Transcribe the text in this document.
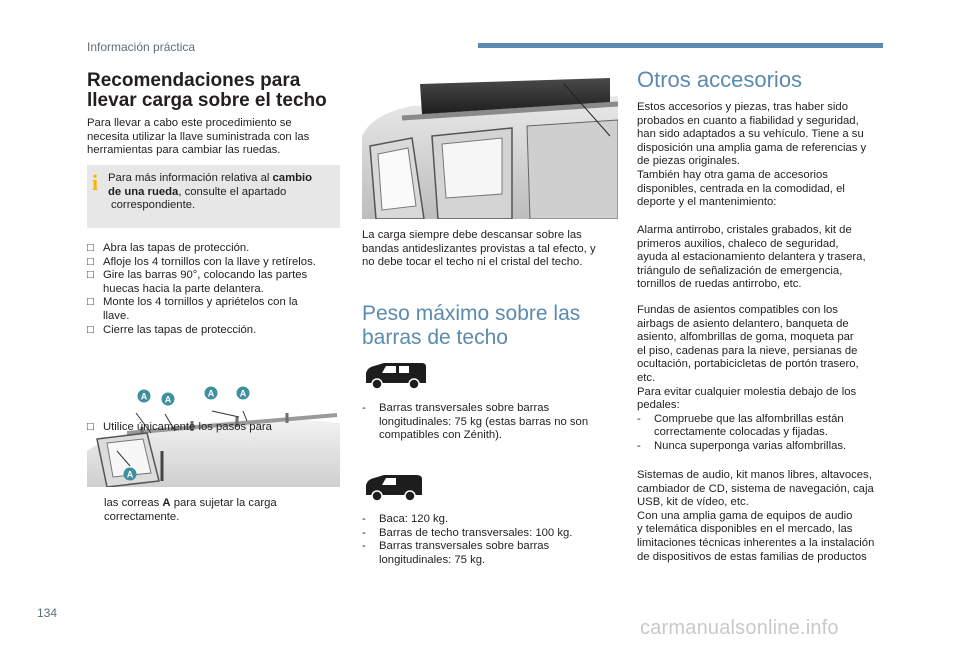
Información práctica
Recomendaciones para
llevar carga sobre el techo
Para llevar a cabo este procedimiento se
necesita utilizar la llave suministrada con las
herramientas para cambiar las ruedas.
i Para más información relativa al cambio
de una rueda, consulte el apartado
correspondiente.
□ Abra las tapas de protección.
□ Afloje los 4 tornillos con la llave y retírelos.
□ Gire las barras 90°, colocando las partes
huecas hacia la parte delantera.
□ Monte los 4 tornillos y apriételos con la
llave.
□ Cierre las tapas de protección.
A A
A	A
A
□ Utilice únicamente los pasos para
las correas A para sujetar la carga
correctamente.
La carga siempre debe descansar sobre las
bandas antideslizantes provistas a tal efecto, y
no debe tocar el techo ni el cristal del techo.
Peso máximo sobre las
barras de techo
- Barras transversales sobre barras
longitudinales: 75 kg (estas barras no son
compatibles con Zénith).
- Baca: 120 kg.
- Barras de techo transversales: 100 kg.
- Barras transversales sobre barras
longitudinales: 75 kg.
Otros accesorios
Estos accesorios y piezas, tras haber sido
probados en cuanto a fiabilidad y seguridad,
han sido adaptados a su vehículo. Tiene a su
disposición una amplia gama de referencias y
de piezas originales.
También hay otra gama de accesorios
disponibles, centrada en la comodidad, el
deporte y el mantenimiento:
Alarma antirrobo, cristales grabados, kit de
primeros auxilios, chaleco de seguridad,
ayuda al estacionamiento delantera y trasera,
triángulo de señalización de emergencia,
tornillos de ruedas antirrobo, etc.
Fundas de asientos compatibles con los
airbags de asiento delantero, banqueta de
asiento, alfombrillas de goma, moqueta par
el piso, cadenas para la nieve, persianas de
ocultación, portabicicletas de portón trasero,
etc.
Para evitar cualquier molestia debajo de los
pedales:
- Compruebe que las alfombrillas están
correctamente colocadas y fijadas.
- Nunca superponga varias alfombrillas.
Sistemas de audio, kit manos libres, altavoces,
cambiador de CD, sistema de navegación, caja
USB, kit de vídeo, etc.
Con una amplia gama de equipos de audio
y telemática disponibles en el mercado, las
limitaciones técnicas inherentes a la instalación
de dispositivos de estas familias de productos
134
carmanualsonline.info
